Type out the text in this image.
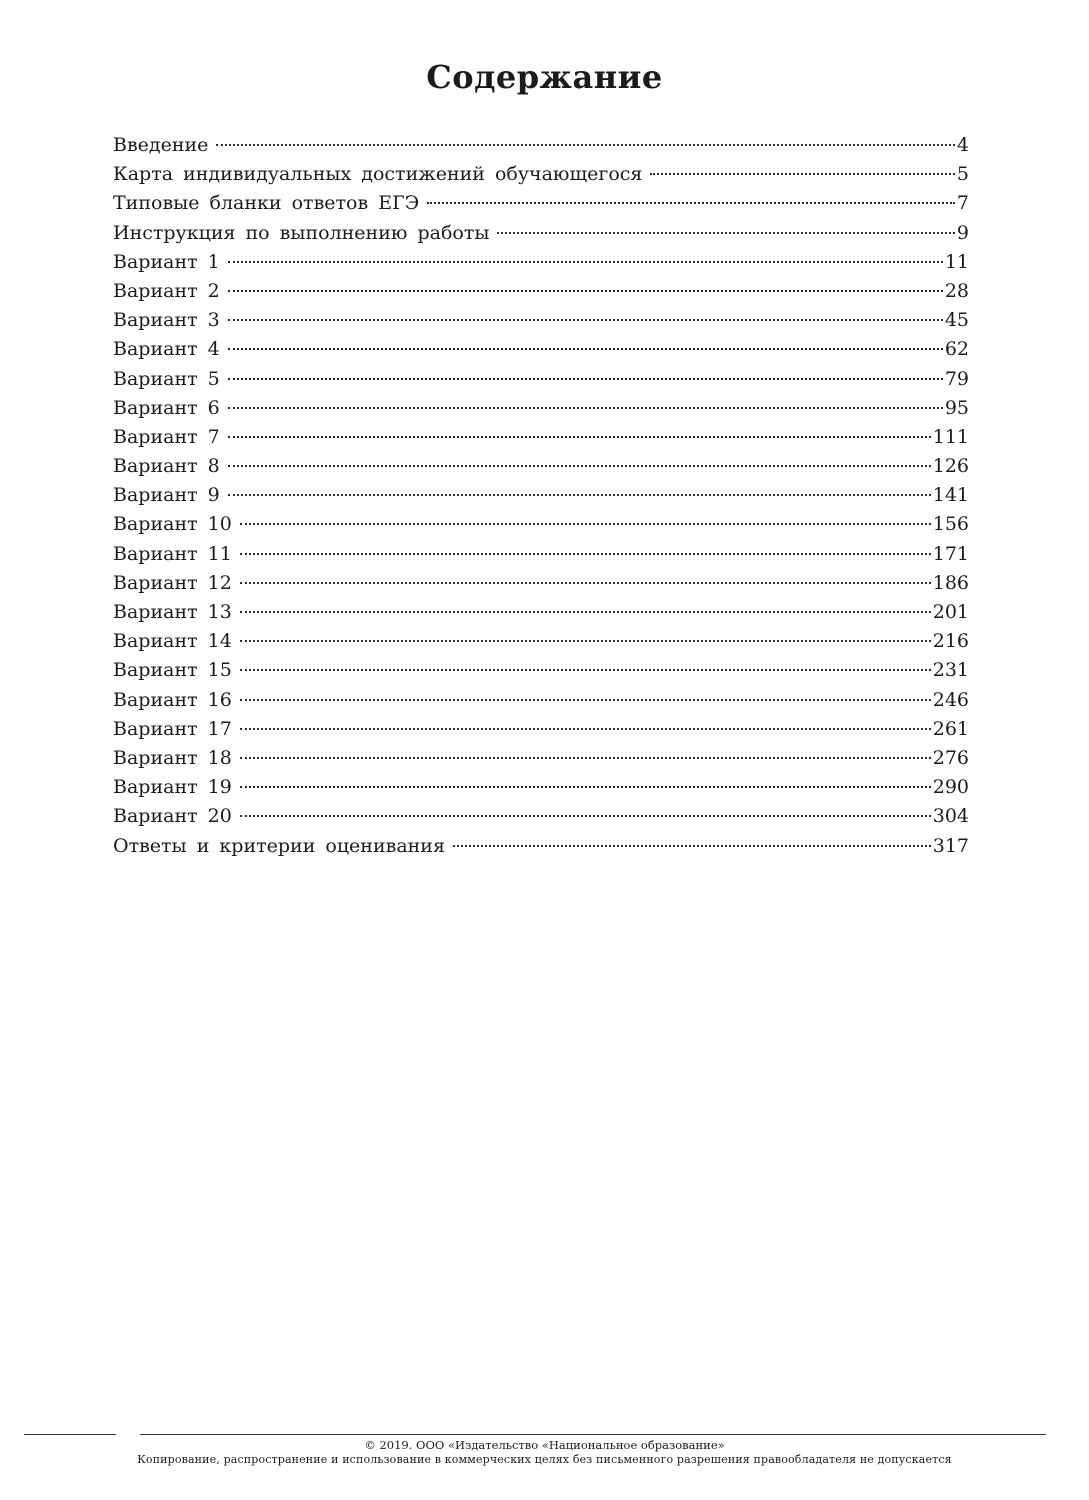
Содержание
Введение	4
Карта индивидуальных достижений обучающегося	5
Типовые бланки ответов ЕГЭ	7
Инструкция по выполнению работы	9
Вариант 1	11
Вариант 2	28
Вариант 3	45
Вариант 4	62
Вариант 5	79
Вариант 6	95
Вариант 7	111
Вариант 8	126
Вариант 9	141
Вариант 10	156
Вариант 11	171
Вариант 12	186
Вариант 13	201
Вариант 14	216
Вариант 15	231
Вариант 16	246
Вариант 17	261
Вариант 18	276
Вариант 19	290
Вариант 20	304
Ответы и критерии оценивания	317

© 2019. ООО «Издательство «Национальное образование»

Копирование, распространение и использование в коммерческих целях без письменного разрешения правообладателя не допускается
